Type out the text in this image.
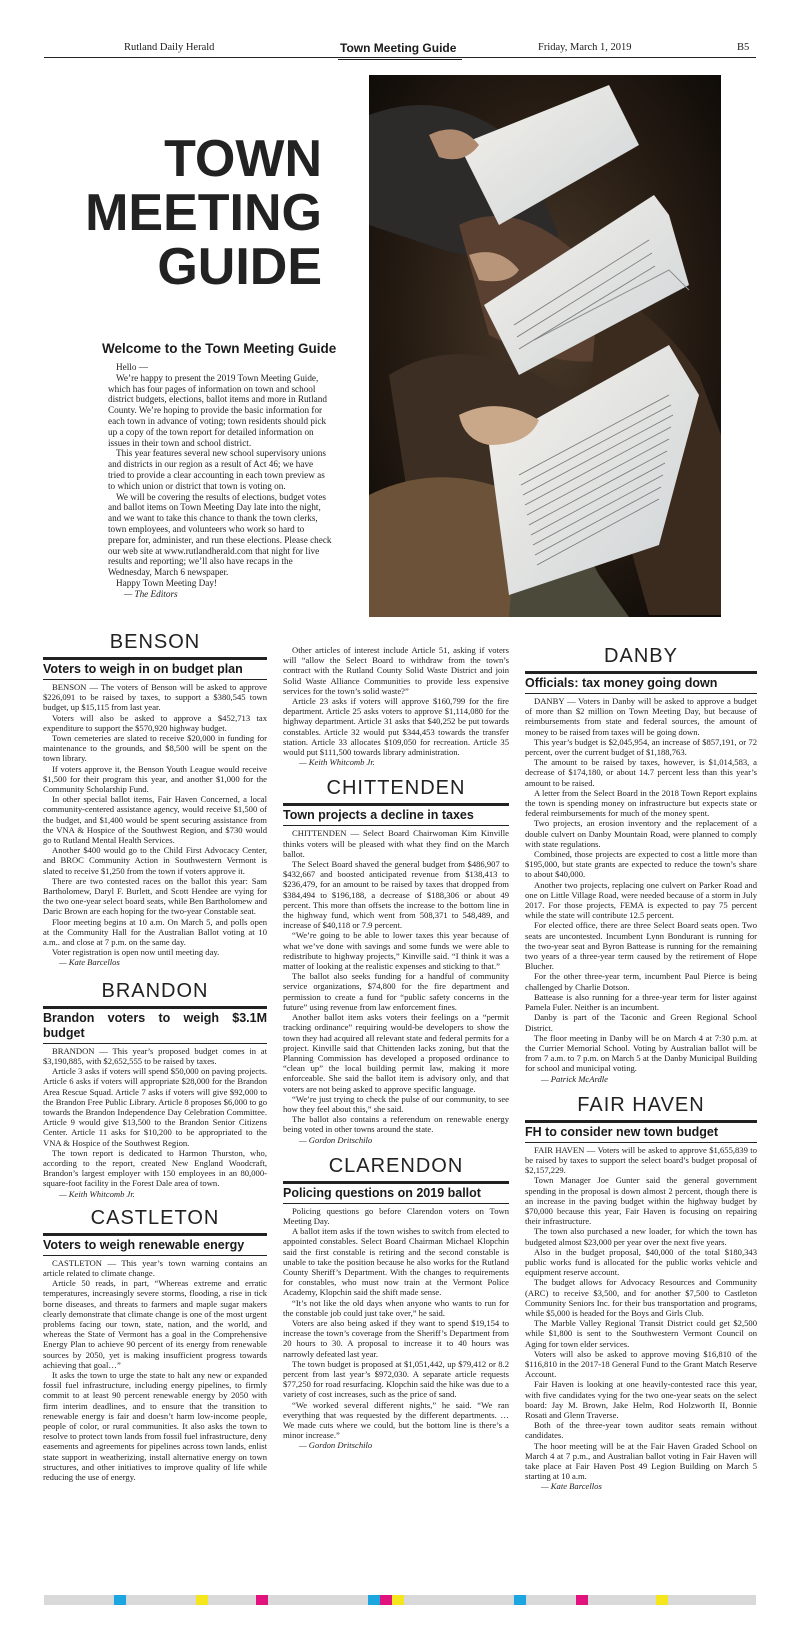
Rutland Daily Herald	Town Meeting Guide	Friday, March 1, 2019	B5
TOWN
MEETING
GUIDE
Welcome to the Town Meeting Guide

Hello —

We’re happy to present the 2019 Town Meeting Guide, which has four pages of information on town and school district budgets, elections, ballot items and more in Rutland County. We’re hoping to provide the basic information for each town in advance of voting; town residents should pick up a copy of the town report for detailed information on issues in their town and school district.

This year features several new school supervisory unions and districts in our region as a result of Act 46; we have tried to provide a clear accounting in each town preview as to which union or district that town is voting on.

We will be covering the results of elections, budget votes and ballot items on Town Meeting Day late into the night, and we want to take this chance to thank the town clerks, town employees, and volunteers who work so hard to prepare for, administer, and run these elections. Please check our web site at www.rutlandherald.com that night for live results and reporting; we’ll also have recaps in the Wednesday, March 6 newspaper.

Happy Town Meeting Day!

— The Editors
BENSON
Voters to weigh in on budget plan

BENSON — The voters of Benson will be asked to approve $226,091 to be raised by taxes, to support a $380,545 town budget, up $15,115 from last year.

Voters will also be asked to approve a $452,713 tax expenditure to support the $570,920 highway budget.

Town cemeteries are slated to receive $20,000 in funding for maintenance to the grounds, and $8,500 will be spent on the town library.

If voters approve it, the Benson Youth League would receive $1,500 for their program this year, and another $1,000 for the Community Scholarship Fund.

In other special ballot items, Fair Haven Concerned, a local community-centered assistance agency, would receive $1,500 of the budget, and $1,400 would be spent securing assistance from the VNA & Hospice of the Southwest Region, and $730 would go to Rutland Mental Health Services.

Another $400 would go to the Child First Advocacy Center, and BROC Community Action in Southwestern Vermont is slated to receive $1,250 from the town if voters approve it.

There are two contested races on the ballot this year: Sam Bartholomew, Daryl F. Burlett, and Scott Hendee are vying for the two one-year select board seats, while Ben Bartholomew and Daric Brown are each hoping for the two-year Constable seat.

Floor meeting begins at 10 a.m. On March 5, and polls open at the Community Hall for the Australian Ballot voting at 10 a.m.. and close at 7 p.m. on the same day.

Voter registration is open now until meeting day.

— Kate Barcellos
BRANDON
Brandon voters to weigh $3.1M budget

BRANDON — This year’s proposed budget comes in at $3,190,885, with $2,652,555 to be raised by taxes.

Article 3 asks if voters will spend $50,000 on paving projects. Article 6 asks if voters will appropriate $28,000 for the Brandon Area Rescue Squad. Article 7 asks if voters will give $92,000 to the Brandon Free Public Library. Article 8 proposes $6,000 to go towards the Brandon Independence Day Celebration Committee. Article 9 would give $13,500 to the Brandon Senior Citizens Center. Article 11 asks for $10,200 to be appropriated to the VNA & Hospice of the Southwest Region.

The town report is dedicated to Harmon Thurston, who, according to the report, created New England Woodcraft, Brandon’s largest employer with 150 employees in an 80,000-square-foot facility in the Forest Dale area of town.

— Keith Whitcomb Jr.
CASTLETON
Voters to weigh renewable energy

CASTLETON — This year’s town warning contains an article related to climate change.

Article 50 reads, in part, “Whereas extreme and erratic temperatures, increasingly severe storms, flooding, a rise in tick borne diseases, and threats to farmers and maple sugar makers clearly demonstrate that climate change is one of the most urgent problems facing our town, state, nation, and the world, and whereas the State of Vermont has a goal in the Comprehensive Energy Plan to achieve 90 percent of its energy from renewable sources by 2050, yet is making insufficient progress towards achieving that goal…”

It asks the town to urge the state to halt any new or expanded fossil fuel infrastructure, including energy pipelines, to firmly commit to at least 90 percent renewable energy by 2050 with firm interim deadlines, and to ensure that the transition to renewable energy is fair and doesn’t harm low-income people, people of color, or rural communities. It also asks the town to resolve to protect town lands from fossil fuel infrastructure, deny easements and agreements for pipelines across town lands, enlist state support in weatherizing, install alternative energy on town structures, and other initiatives to improve quality of life while reducing the use of energy.

Other articles of interest include Article 51, asking if voters will “allow the Select Board to withdraw from the town’s contract with the Rutland County Solid Waste District and join Solid Waste Alliance Communities to provide less expensive services for the town’s solid waste?”

Article 23 asks if voters will approve $160,799 for the fire department. Article 25 asks voters to approve $1,114,080 for the highway department. Article 31 asks that $40,252 be put towards constables. Article 32 would put $344,453 towards the transfer station. Article 33 allocates $109,050 for recreation. Article 35 would put $111,500 towards library administration.

— Keith Whitcomb Jr.
CHITTENDEN
Town projects a decline in taxes

CHITTENDEN — Select Board Chairwoman Kim Kinville thinks voters will be pleased with what they find on the March ballot.

The Select Board shaved the general budget from $486,907 to $432,667 and boosted anticipated revenue from $138,413 to $236,479, for an amount to be raised by taxes that dropped from $384,494 to $196,188, a decrease of $188,306 or about 49 percent. This more than offsets the increase to the bottom line in the highway fund, which went from 508,371 to 548,489, and increase of $40,118 or 7.9 percent.

“We’re going to be able to lower taxes this year because of what we’ve done with savings and some funds we were able to redistribute to highway projects,” Kinville said. “I think it was a matter of looking at the realistic expenses and sticking to that.”

The ballot also seeks funding for a handful of community service organizations, $74,800 for the fire department and permission to create a fund for “public safety concerns in the future” using revenue from law enforcement fines.

Another ballot item asks voters their feelings on a “permit tracking ordinance” requiring would-be developers to show the town they had acquired all relevant state and federal permits for a project. Kinville said that Chittenden lacks zoning, but that the Planning Commission has developed a proposed ordinance to “clean up” the local building permit law, making it more enforceable. She said the ballot item is advisory only, and that voters are not being asked to approve specific language.

“We’re just trying to check the pulse of our community, to see how they feel about this,” she said.

The ballot also contains a referendum on renewable energy being voted in other towns around the state.

— Gordon Dritschilo
CLARENDON
Policing questions on 2019 ballot

Policing questions go before Clarendon voters on Town Meeting Day.

A ballot item asks if the town wishes to switch from elected to appointed constables. Select Board Chairman Michael Klopchin said the first constable is retiring and the second constable is unable to take the position because he also works for the Rutland County Sheriff’s Department. With the changes to requirements for constables, who must now train at the Vermont Police Academy, Klopchin said the shift made sense.

“It’s not like the old days when anyone who wants to run for the constable job could just take over,” he said.

Voters are also being asked if they want to spend $19,154 to increase the town’s coverage from the Sheriff’s Department from 20 hours to 30. A proposal to increase it to 40 hours was narrowly defeated last year.

The town budget is proposed at $1,051,442, up $79,412 or 8.2 percent from last year’s $972,030. A separate article requests $77,250 for road resurfacing. Klopchin said the hike was due to a variety of cost increases, such as the price of sand.

“We worked several different nights,” he said. “We ran everything that was requested by the different departments. … We made cuts where we could, but the bottom line is there’s a minor increase.”

— Gordon Dritschilo
DANBY
Officials: tax money going down

DANBY — Voters in Danby will be asked to approve a budget of more than $2 million on Town Meeting Day, but because of reimbursements from state and federal sources, the amount of money to be raised from taxes will be going down.

This year’s budget is $2,045,954, an increase of $857,191, or 72 percent, over the current budget of $1,188,763.

The amount to be raised by taxes, however, is $1,014,583, a decrease of $174,180, or about 14.7 percent less than this year’s amount to be raised.

A letter from the Select Board in the 2018 Town Report explains the town is spending money on infrastructure but expects state or federal reimbursements for much of the money spent.

Two projects, an erosion inventory and the replacement of a double culvert on Danby Mountain Road, were planned to comply with state regulations.

Combined, those projects are expected to cost a little more than $195,000, but state grants are expected to reduce the town’s share to about $40,000.

Another two projects, replacing one culvert on Parker Road and one on Little Village Road, were needed because of a storm in July 2017. For those projects, FEMA is expected to pay 75 percent while the state will contribute 12.5 percent.

For elected office, there are three Select Board seats open. Two seats are uncontested. Incumbent Lynn Bondurant is running for the two-year seat and Byron Battease is running for the remaining two years of a three-year term caused by the retirement of Hope Blucher.

For the other three-year term, incumbent Paul Pierce is being challenged by Charlie Dotson.

Battease is also running for a three-year term for lister against Pamela Fuler. Neither is an incumbent.

Danby is part of the Taconic and Green Regional School District.

The floor meeting in Danby will be on March 4 at 7:30 p.m. at the Currier Memorial School. Voting by Australian ballot will be from 7 a.m. to 7 p.m. on March 5 at the Danby Municipal Building for school and municipal voting.

— Patrick McArdle
FAIR HAVEN
FH to consider new town budget

FAIR HAVEN — Voters will be asked to approve $1,655,839 to be raised by taxes to support the select board’s budget proposal of $2,157,229.

Town Manager Joe Gunter said the general government spending in the proposal is down almost 2 percent, though there is an increase in the paving budget within the highway budget by $70,000 because this year, Fair Haven is focusing on repairing their infrastructure.

The town also purchased a new loader, for which the town has budgeted almost $23,000 per year over the next five years.

Also in the budget proposal, $40,000 of the total $180,343 public works fund is allocated for the public works vehicle and equipment reserve account.

The budget allows for Advocacy Resources and Community (ARC) to receive $3,500, and for another $7,500 to Castleton Community Seniors Inc. for their bus transportation and programs, while $5,000 is headed for the Boys and Girls Club.

The Marble Valley Regional Transit District could get $2,500 while $1,800 is sent to the Southwestern Vermont Council on Aging for town elder services.

Voters will also be asked to approve moving $16,810 of the $116,810 in the 2017-18 General Fund to the Grant Match Reserve Account.

Fair Haven is looking at one heavily-contested race this year, with five candidates vying for the two one-year seats on the select board: Jay M. Brown, Jake Helm, Rod Holzworth II, Bonnie Rosati and Glenn Traverse.

Both of the three-year town auditor seats remain without candidates.

The hoor meeting will be at the Fair Haven Graded School on March 4 at 7 p.m., and Australian ballot voting in Fair Haven will take place at Fair Haven Post 49 Legion Building on March 5 starting at 10 a.m.

— Kate Barcellos
